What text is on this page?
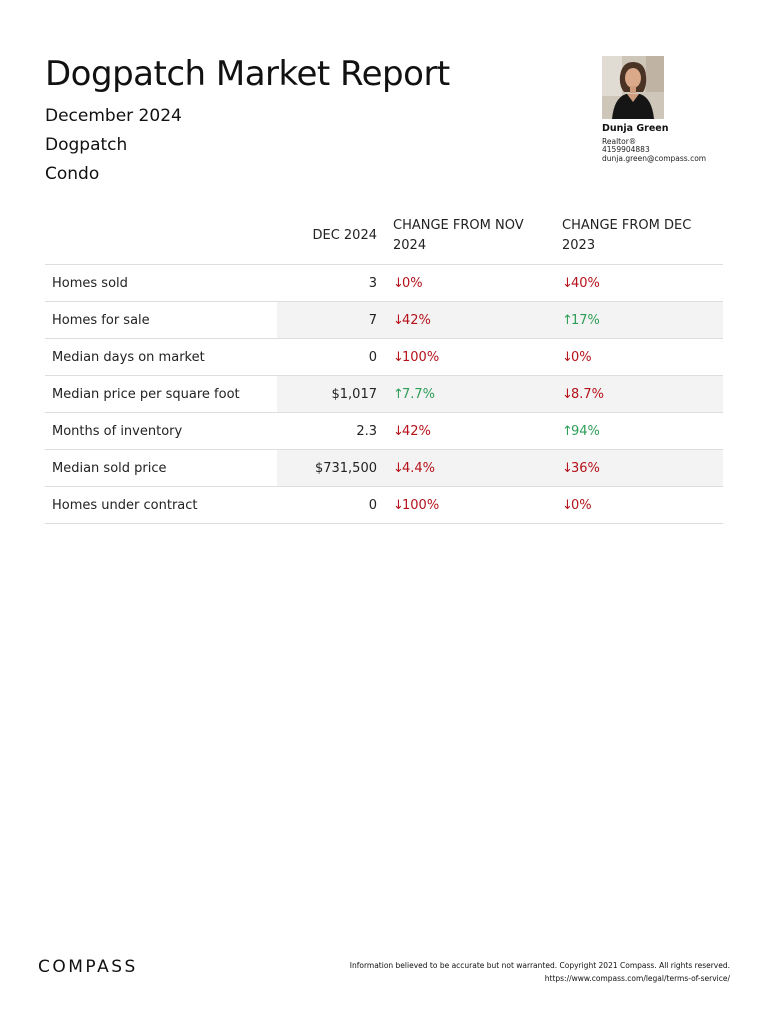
Dogpatch Market Report
December 2024
Dogpatch
Condo
Dunja Green
Realtor®
4159904883
dunja.green@compass.com
	DEC 2024	CHANGE FROM NOV 2024	CHANGE FROM DEC 2023
Homes sold	3	↓0%	↓40%
Homes for sale	7	↓42%	↑17%
Median days on market	0	↓100%	↓0%
Median price per square foot	$1,017	↑7.7%	↓8.7%
Months of inventory	2.3	↓42%	↑94%
Median sold price	$731,500	↓4.4%	↓36%
Homes under contract	0	↓100%	↓0%
COMPASS	Information believed to be accurate but not warranted. Copyright 2021 Compass. All rights reserved.
https://www.compass.com/legal/terms-of-service/
